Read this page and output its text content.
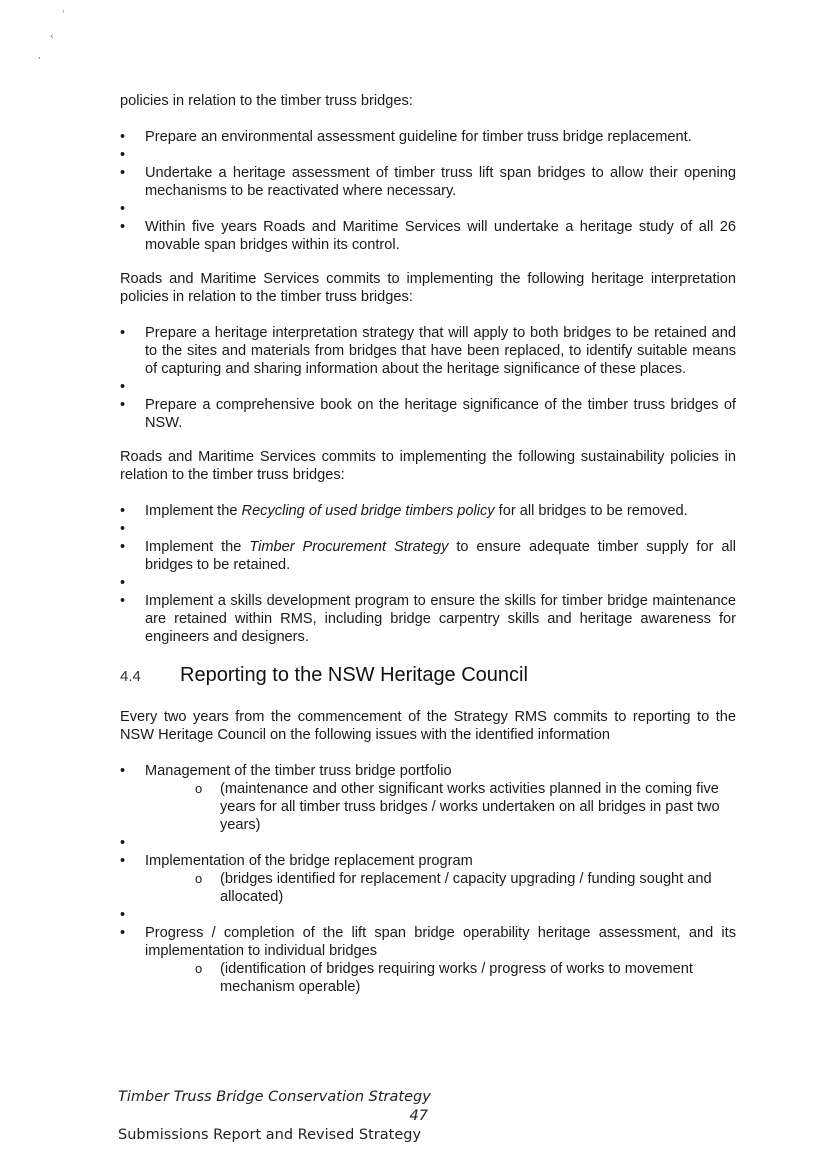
ˈ
‹
’

policies in relation to the timber truss bridges:

• Prepare an environmental assessment guideline for timber truss bridge replacement.
•
• Undertake a heritage assessment of timber truss lift span bridges to allow their opening mechanisms to be reactivated where necessary.
•
• Within five years Roads and Maritime Services will undertake a heritage study of all 26 movable span bridges within its control.

Roads and Maritime Services commits to implementing the following heritage interpretation policies in relation to the timber truss bridges:

• Prepare a heritage interpretation strategy that will apply to both bridges to be retained and to the sites and materials from bridges that have been replaced, to identify suitable means of capturing and sharing information about the heritage significance of these places.
•
• Prepare a comprehensive book on the heritage significance of the timber truss bridges of NSW.

Roads and Maritime Services commits to implementing the following sustainability policies in relation to the timber truss bridges:

• Implement the Recycling of used bridge timbers policy for all bridges to be removed.
•
• Implement the Timber Procurement Strategy to ensure adequate timber supply for all bridges to be retained.
•
• Implement a skills development program to ensure the skills for timber bridge maintenance are retained within RMS, including bridge carpentry skills and heritage awareness for engineers and designers.
4.4	Reporting to the NSW Heritage Council

Every two years from the commencement of the Strategy RMS commits to reporting to the NSW Heritage Council on the following issues with the identified information

• Management of the timber truss bridge portfolio
o (maintenance and other significant works activities planned in the coming five years for all timber truss bridges / works undertaken on all bridges in past two years)
•
• Implementation of the bridge replacement program
o (bridges identified for replacement / capacity upgrading / funding sought and allocated)
•
• Progress / completion of the lift span bridge operability heritage assessment, and its implementation to individual bridges
o (identification of bridges requiring works / progress of works to movement mechanism operable)
Timber Truss Bridge Conservation Strategy
47
Submissions Report and Revised Strategy
